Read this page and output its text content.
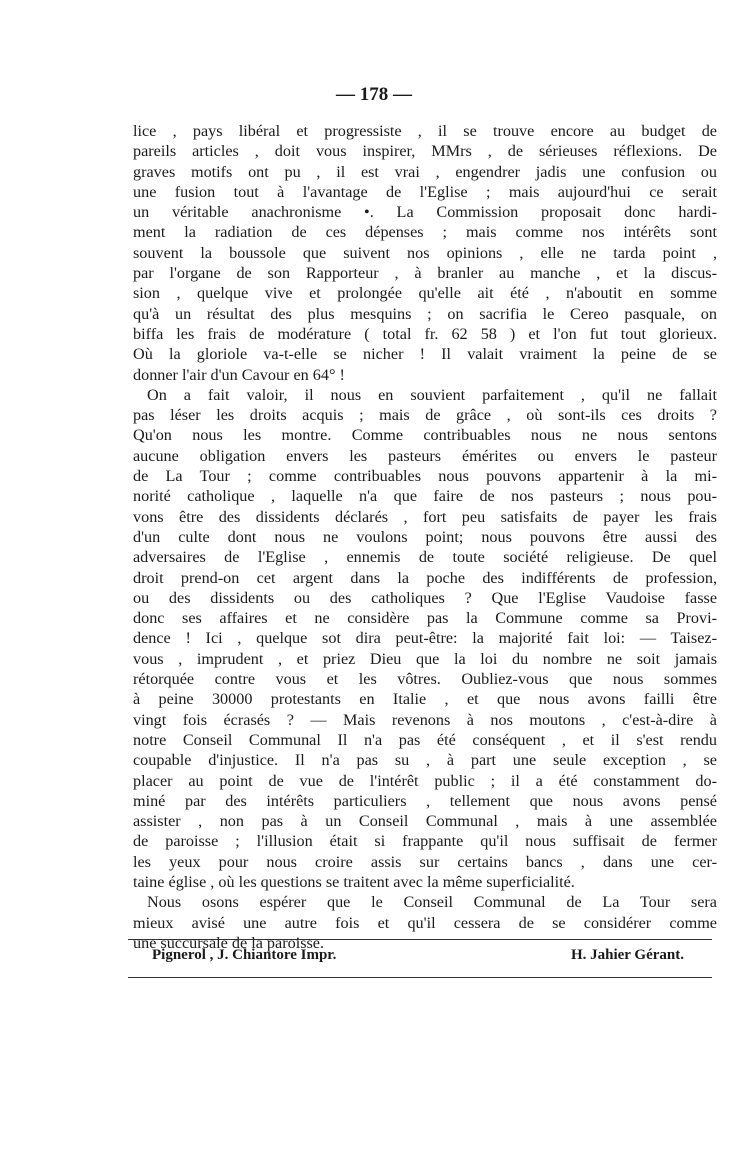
— 178 —
lice , pays libéral et progressiste , il se trouve encore au budget de
pareils articles , doit vous inspirer, MMrs , de sérieuses réflexions. De
graves motifs ont pu , il est vrai , engendrer jadis une confusion ou
une fusion tout à l'avantage de l'Eglise ; mais aujourd'hui ce serait
un véritable anachronisme •. La Commission proposait donc hardi-
ment la radiation de ces dépenses ; mais comme nos intérêts sont
souvent la boussole que suivent nos opinions , elle ne tarda point ,
par l'organe de son Rapporteur , à branler au manche , et la discus-
sion , quelque vive et prolongée qu'elle ait été , n'aboutit en somme
qu'à un résultat des plus mesquins ; on sacrifia le Cereo pasquale, on
biffa les frais de modérature ( total fr. 62 58 ) et l'on fut tout glorieux.
Où la gloriole va-t-elle se nicher ! Il valait vraiment la peine de se
donner l'air d'un Cavour en 64° !
On a fait valoir, il nous en souvient parfaitement , qu'il ne fallait
pas léser les droits acquis ; mais de grâce , où sont-ils ces droits ?
Qu'on nous les montre. Comme contribuables nous ne nous sentons
aucune obligation envers les pasteurs émérites ou envers le pasteur
de La Tour ; comme contribuables nous pouvons appartenir à la mi-
norité catholique , laquelle n'a que faire de nos pasteurs ; nous pou-
vons être des dissidents déclarés , fort peu satisfaits de payer les frais
d'un culte dont nous ne voulons point; nous pouvons être aussi des
adversaires de l'Eglise , ennemis de toute société religieuse. De quel
droit prend-on cet argent dans la poche des indifférents de profession,
ou des dissidents ou des catholiques ? Que l'Eglise Vaudoise fasse
donc ses affaires et ne considère pas la Commune comme sa Provi-
dence ! Ici , quelque sot dira peut-être: la majorité fait loi: — Taisez-
vous , imprudent , et priez Dieu que la loi du nombre ne soit jamais
rétorquée contre vous et les vôtres. Oubliez-vous que nous sommes
à peine 30000 protestants en Italie , et que nous avons failli être
vingt fois écrasés ? — Mais revenons à nos moutons , c'est-à-dire à
notre Conseil Communal Il n'a pas été conséquent , et il s'est rendu
coupable d'injustice. Il n'a pas su , à part une seule exception , se
placer au point de vue de l'intérêt public ; il a été constamment do-
miné par des intérêts particuliers , tellement que nous avons pensé
assister , non pas à un Conseil Communal , mais à une assemblée
de paroisse ; l'illusion était si frappante qu'il nous suffisait de fermer
les yeux pour nous croire assis sur certains bancs , dans une cer-
taine église , où les questions se traitent avec la même superficialité.
Nous osons espérer que le Conseil Communal de La Tour sera
mieux avisé une autre fois et qu'il cessera de se considérer comme
une succursale de la paroisse.
Pignerol , J. Chiantore Impr.	H. Jahier Gérant.
